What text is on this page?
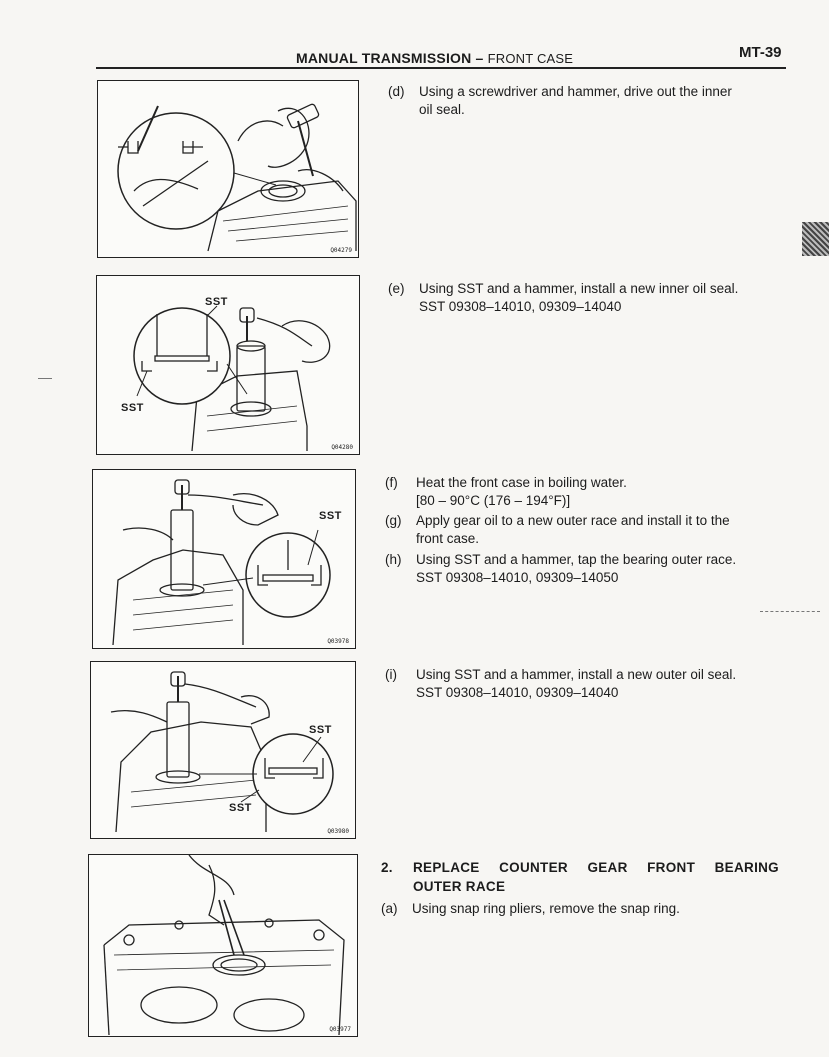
MANUAL TRANSMISSION – FRONT CASE	MT-39
Q04279
(d) Using a screwdriver and hammer, drive out the inner
oil seal.
SST
SST
Q04280
(e) Using SST and a hammer, install a new inner oil seal.
SST 09308–14010, 09309–14040
SST
Q03978
(f) Heat the front case in boiling water.
[80 – 90°C (176 – 194°F)]
(g) Apply gear oil to a new outer race and install it to the
front case.
(h) Using SST and a hammer, tap the bearing outer race.
SST 09308–14010, 09309–14050
SST
SST
Q03980
(i) Using SST and a hammer, install a new outer oil seal.
SST 09308–14010, 09309–14040
Q03977
2. REPLACE COUNTER GEAR FRONT BEARING
OUTER RACE
(a) Using snap ring pliers, remove the snap ring.
